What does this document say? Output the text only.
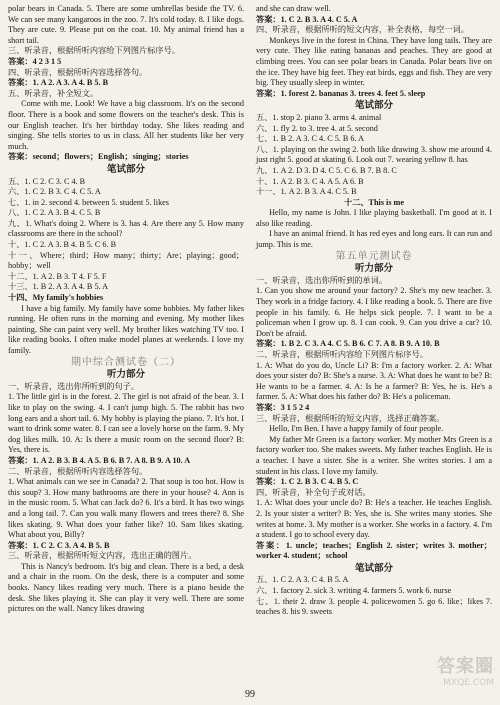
polar bears in Canada. 5. There are some umbrellas beside the TV. 6. We can see many kangaroos in the zoo. 7. It's cold today. 8. I like dogs. They are cute. 9. Please put on the coat. 10. My animal friend has a short tail.

三、听录音，根据所听内容给下列图片标序号。

答案：4 2 3 1 5

四、听录音，根据所听内容选择答句。

答案：1. A 2. A 3. A 4. B 5. B

五、听录音，补全短文。

Come with me. Look! We have a big classroom. It's on the second floor. There is a book and some flowers on the teacher's desk. This is our English teacher. It's her birthday today. She likes reading and singing. She tells stories to us in class. All her students like her very much.

答案：second；flowers；English；singing；stories

笔试部分

五、1. C 2. C 3. C 4. B

六、1. C 2. B 3. C 4. C 5. A

七、1. in 2. second 4. between 5. student 5. likes

八、1. C 2. A 3. B 4. C 5. B

九、1. What's doing 2. Where is 3. has 4. Are there any 5. How many classrooms are there in the school?

十、1. C 2. A 3. B 4. B 5. C 6. B

十一、Where；third；How many；thirty；Are；playing；good；hobby；well

十二、1. A 2. B 3. T 4. F 5. F

十三、1. B 2. A 3. A 4. B 5. A

十四、My family's hobbies

I have a big family. My family have some hobbies. My father likes running. He often runs in the morning and evening. My mother likes painting. She can paint very well. My brother likes watching TV too. I like reading books. I often make model planes at weekends. I love my family.

期中综合测试卷（二）
听力部分

一、听录音，选出你所听到的句子。

1. The little girl is in the forest. 2. The girl is not afraid of the bear. 3. I like to play on the swing. 4. I can't jump high. 5. The rabbit has two long ears and a short tail. 6. My hobby is playing the piano. 7. It's hot. I want to drink some water. 8. I can see a lovely horse on the farm. 9. My dog likes milk. 10. A: Is there a music room on the second floor? B: Yes, there is.

答案：1. A 2. B 3. B 4. A 5. B 6. B 7. A 8. B 9. A 10. A

二、听录音，根据所听内容选择答句。

1. What animals can we see in Canada? 2. That soup is too hot. How is this soup? 3. How many bathrooms are there in your house? 4. Ann is in the music room. 5. What can Jack do? 6. It's a bird. It has two wings and a long tail. 7. Can you walk many flowers and trees there? 8. She likes skating. 9. What does your father like? 10. Sam likes skating. What about you, Billy?

答案：1. C 2. C 3. A 4. B 5. B

三、听录音，根据所听短文内容，选出正确的图片。

This is Nancy's bedroom. It's big and clean. There is a bed, a desk and a chair in the room. On the desk, there is a computer and some books. Nancy likes reading very much. There is a piano beside the desk. She likes playing it. She can play it very well. There are some pictures on the wall. Nancy likes drawing

and she can draw well.

答案：1. C 2. B 3. A 4. C 5. A

四、听录音，根据所听的短文内容，补全表格，每空一词。

Monkeys live in the forest in China. They have long tails. They are very cute. They like eating bananas and peaches. They are good at climbing trees. You can see polar bears in Canada. Polar bears live on the ice. They have big feet. They eat birds, eggs and fish. They are very big. They usually sleep in winter.

答案：1. forest 2. bananas 3. trees 4. feet 5. sleep

笔试部分

五、1. stop 2. piano 3. arms 4. animal

六、1. fly 2. to 3. tree 4. at 5. second

七、1. B 2. A 3. C 4. C 5. B 6. A

八、1. playing on the swing 2. both like drawing 3. show me around 4. just right 5. good at skating 6. Look out 7. wearing yellow 8. has

九、1. A 2. D 3. D 4. C 5. C 6. B 7. B 8. C

十、1. A 2. B 3. C 4. A 5. A 6. B

十一、1. A 2. B 3. A 4. C 5. B

十二、This is me

Hello, my name is John. I like playing basketball. I'm good at it. I also like reading.

I have an animal friend. It has red eyes and long ears. It can run and jump. This is me.

第五单元测试卷
听力部分

一、听录音，选出你所听到的单词。

1. Can you show me around your factory? 2. She's my new teacher. 3. They work in a fridge factory. 4. I like reading a book. 5. There are five people in his family. 6. He helps sick people. 7. I want to be a policeman when I grow up. 8. I can cook. 9. Can you drive a car? 10. Don't be afraid.

答案：1. B 2. C 3. A 4. C 5. B 6. C 7. A 8. B 9. A 10. B

二、听录音，根据所听内容给下列图片标序号。

1. A: What do you do, Uncle Li? B: I'm a factory worker. 2. A: What does your sister do? B: She's a nurse. 3. A: What does he want to be? B: He wants to be a farmer. 4. A: Is he a farmer? B: Yes, he is. He's a farmer. 5. A: What does his father do? B: He's a policeman.

答案：3 1 5 2 4

三、听录音，根据所听的短文内容，选择正确答案。

Hello, I'm Ben. I have a happy family of four people.

My father Mr Green is a factory worker. My mother Mrs Green is a factory worker too. She makes sweets. My father teaches English. He is a teacher. I have a sister. She is a writer. She writes stories. I am a student in his class. I love my family.

答案：1. C 2. B 3. C 4. B 5. C

四、听录音，补全句子或对话。

1. A: What does your uncle do? B: He's a teacher. He teaches English. 2. Is your sister a writer? B: Yes, she is. She writes many stories. She writes at home. 3. My mother is a worker. She works in a factory. 4. I'm a student. I go to school every day.

答案：1. uncle；teaches；English 2. sister；writes 3. mother；worker 4. student；school

笔试部分

五、1. C 2. A 3. C 4. B 5. A

六、1. factory 2. sick 3. writing 4. farmers 5. work 6. nurse

七、1. their 2. draw 3. people 4. policewomen 5. go 6. like；likes 7. teaches 8. his 9. sweets

99
答案圈
MXQE.COM
